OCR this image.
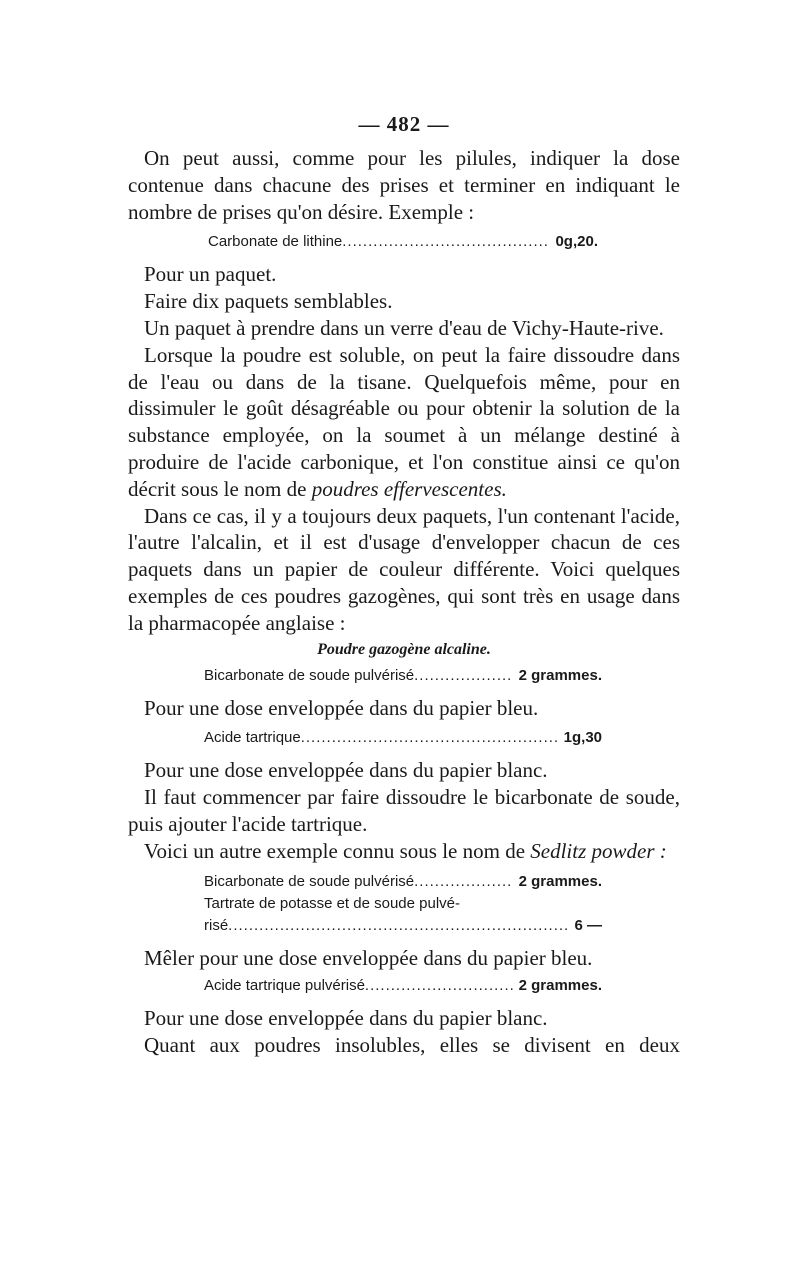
— 482 —

On peut aussi, comme pour les pilules, indiquer la dose contenue dans chacune des prises et terminer en indiquant le nombre de prises qu'on désire. Exemple :

Carbonate de lithine .....	0g,20.

Pour un paquet.

Faire dix paquets semblables.

Un paquet à prendre dans un verre d'eau de Vichy-Haute-rive.

Lorsque la poudre est soluble, on peut la faire dissoudre dans de l'eau ou dans de la tisane. Quelquefois même, pour en dissimuler le goût désagréable ou pour obtenir la solution de la substance employée, on la soumet à un mélange destiné à produire de l'acide carbonique, et l'on constitue ainsi ce qu'on décrit sous le nom de poudres effervescentes.

Dans ce cas, il y a toujours deux paquets, l'un contenant l'acide, l'autre l'alcalin, et il est d'usage d'envelopper chacun de ces paquets dans un papier de couleur différente. Voici quelques exemples de ces poudres gazogènes, qui sont très en usage dans la pharmacopée anglaise :

Poudre gazogène alcaline.
Bicarbonate de soude pulvérisé .....	2 grammes.

Pour une dose enveloppée dans du papier bleu.

Acide tartrique .....	1g,30

Pour une dose enveloppée dans du papier blanc.

Il faut commencer par faire dissoudre le bicarbonate de soude, puis ajouter l'acide tartrique.

Voici un autre exemple connu sous le nom de Sedlitz powder :

Bicarbonate de soude pulvérisé .....	2 grammes.
Tartrate de potasse et de soude pulvé-
risé .....	6 —

Mêler pour une dose enveloppée dans du papier bleu.

Acide tartrique pulvérisé .....	2 grammes.

Pour une dose enveloppée dans du papier blanc.

Quant aux poudres insolubles, elles se divisent en deux
